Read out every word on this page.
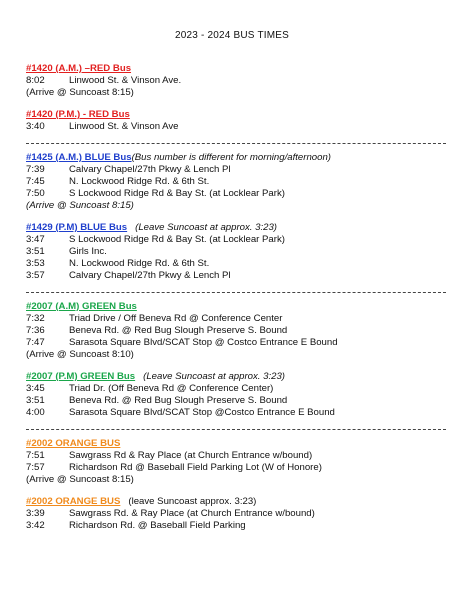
2023 - 2024 BUS TIMES
#1420 (A.M.) –RED Bus
8:02	Linwood St. & Vinson Ave.
(Arrive @ Suncoast 8:15)
#1420 (P.M.) - RED Bus
3:40	Linwood St. & Vinson Ave
#1425 (A.M.) BLUE Bus(Bus number is different for morning/afternoon)
7:39	Calvary Chapel/27th Pkwy & Lench Pl
7:45	N. Lockwood Ridge Rd. & 6th St.
7:50	S Lockwood Ridge Rd & Bay St. (at Locklear Park)
(Arrive @ Suncoast 8:15)
#1429 (P.M) BLUE Bus (Leave Suncoast at approx. 3:23)
3:47	S Lockwood Ridge Rd & Bay St. (at Locklear Park)
3:51	Girls Inc.
3:53	N. Lockwood Ridge Rd. & 6th St.
3:57	Calvary Chapel/27th Pkwy & Lench Pl
#2007 (A.M) GREEN Bus
7:32	Triad Drive / Off Beneva Rd @ Conference Center
7:36	Beneva Rd. @ Red Bug Slough Preserve S. Bound
7:47	Sarasota Square Blvd/SCAT Stop @ Costco Entrance E Bound
(Arrive @ Suncoast 8:10)
#2007 (P.M) GREEN Bus (Leave Suncoast at approx. 3:23)
3:45	Triad Dr. (Off Beneva Rd @ Conference Center)
3:51	Beneva Rd. @ Red Bug Slough Preserve S. Bound
4:00	Sarasota Square Blvd/SCAT Stop @Costco Entrance E Bound
#2002 ORANGE BUS
7:51	Sawgrass Rd & Ray Place (at Church Entrance w/bound)
7:57	Richardson Rd @ Baseball Field Parking Lot (W of Honore)
(Arrive @ Suncoast 8:15)
#2002 ORANGE BUS (leave Suncoast approx. 3:23)
3:39	Sawgrass Rd. & Ray Place (at Church Entrance w/bound)
3:42	Richardson Rd. @ Baseball Field Parking
